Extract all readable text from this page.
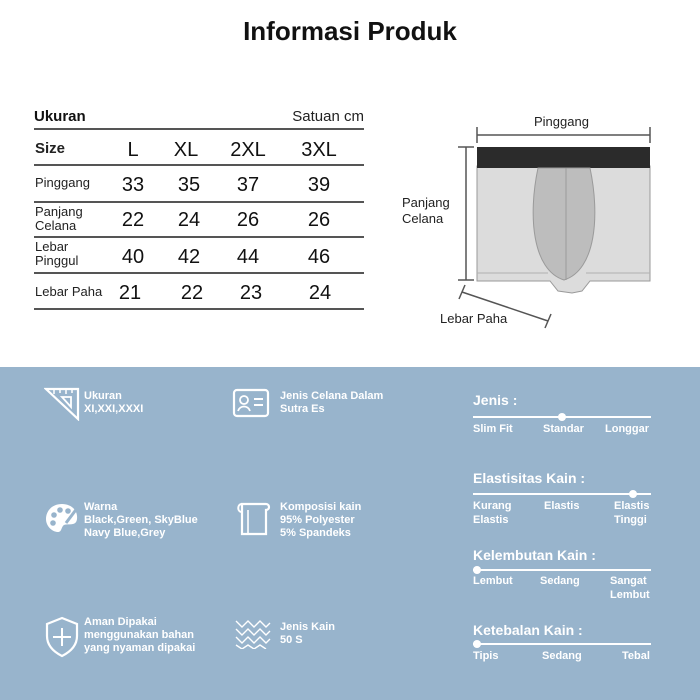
Informasi Produk
Ukuran	Satuan cm
Size	L	XL	2XL	3XL
Pinggang	33	35	37	39
Panjang
Celana	22	24	26	26
Lebar
Pinggul	40	42	44	46
Lebar Paha 21	22	23	24
Pinggang
Panjang
Celana
Lebar Paha
Ukuran
XI,XXI,XXXI
Jenis Celana Dalam
Sutra Es
Warna
Black,Green, SkyBlue
Navy Blue,Grey
Komposisi kain
95% Polyester
5% Spandeks
Aman Dipakai
menggunakan bahan
yang nyaman dipakai
Jenis Kain
50 S
Jenis :
Slim Fit	Standar Longgar
Elastisitas Kain :
Kurang
Elastis
Elastis	Elastis
Tinggi
Kelembutan Kain :
Lembut Sedang	Sangat
Lembut
Ketebalan Kain :
Tipis	Sedang	Tebal
